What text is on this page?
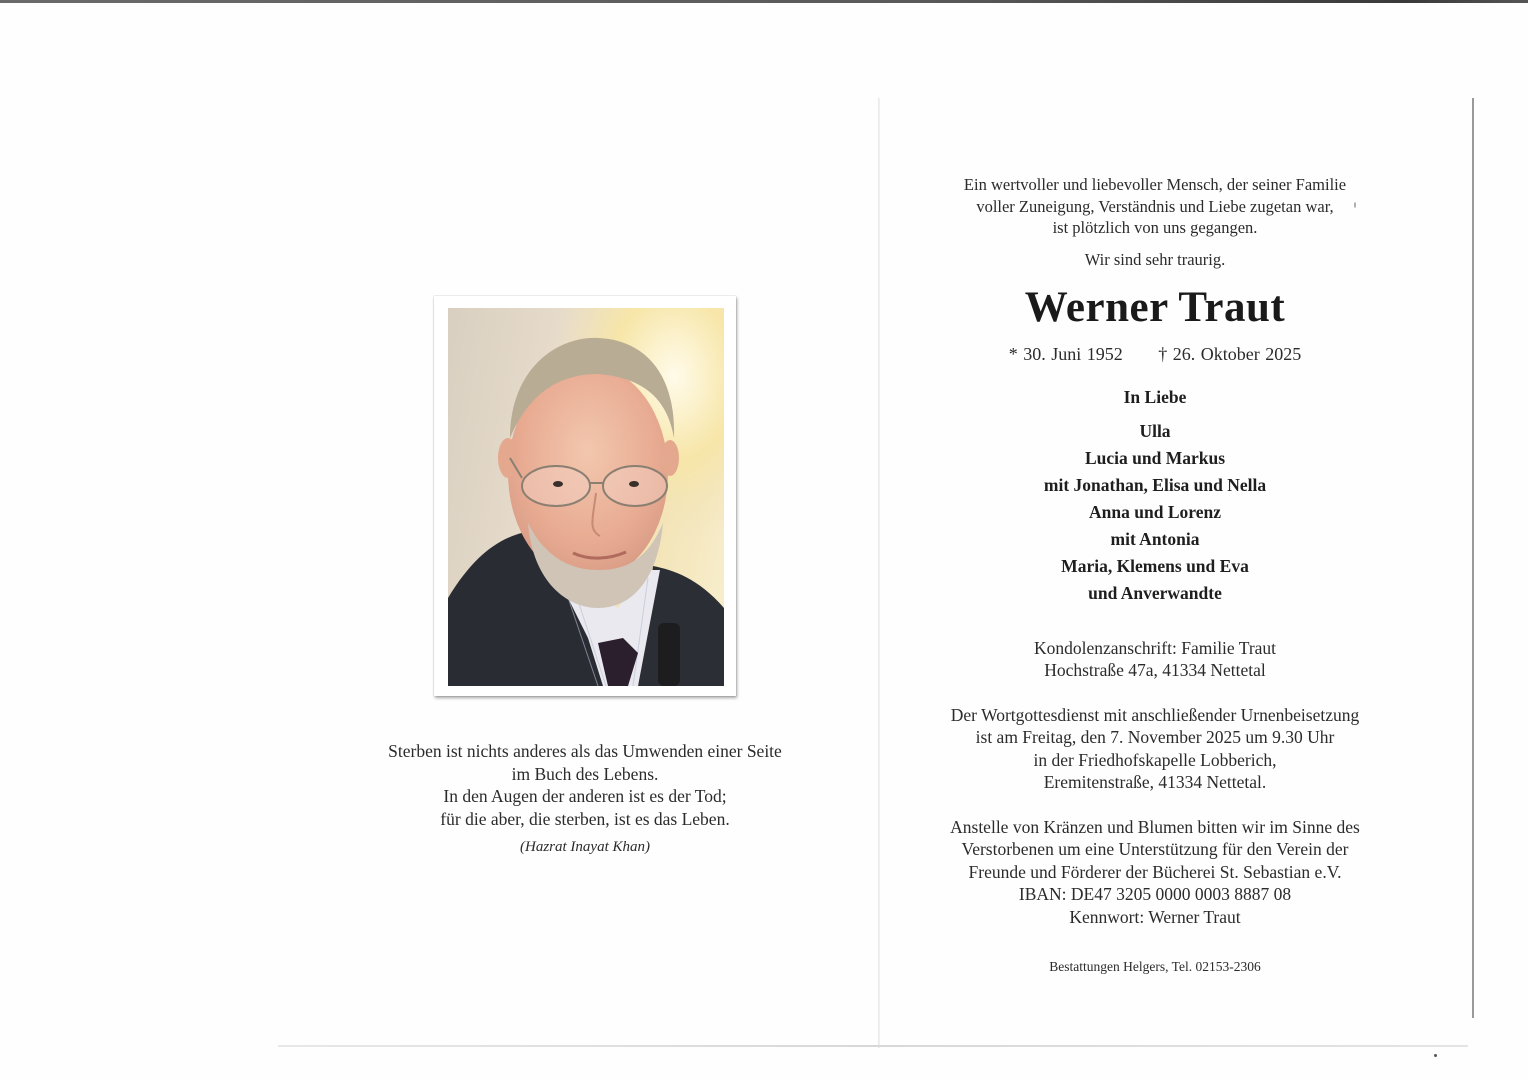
Sterben ist nichts anderes als das Umwenden einer Seite
im Buch des Lebens.
In den Augen der anderen ist es der Tod;
für die aber, die sterben, ist es das Leben.
(Hazrat Inayat Khan)
Ein wertvoller und liebevoller Mensch, der seiner Familie
voller Zuneigung, Verständnis und Liebe zugetan war,
ist plötzlich von uns gegangen.
Wir sind sehr traurig.
Werner Traut
* 30. Juni 1952 † 26. Oktober 2025
In Liebe
Ulla
Lucia und Markus
mit Jonathan, Elisa und Nella
Anna und Lorenz
mit Antonia
Maria, Klemens und Eva
und Anverwandte
Kondolenzanschrift: Familie Traut
Hochstraße 47a, 41334 Nettetal
Der Wortgottesdienst mit anschließender Urnenbeisetzung
ist am Freitag, den 7. November 2025 um 9.30 Uhr
in der Friedhofskapelle Lobberich,
Eremitenstraße, 41334 Nettetal.
Anstelle von Kränzen und Blumen bitten wir im Sinne des
Verstorbenen um eine Unterstützung für den Verein der
Freunde und Förderer der Bücherei St. Sebastian e.V.
IBAN: DE47 3205 0000 0003 8887 08
Kennwort: Werner Traut
Bestattungen Helgers, Tel. 02153-2306
